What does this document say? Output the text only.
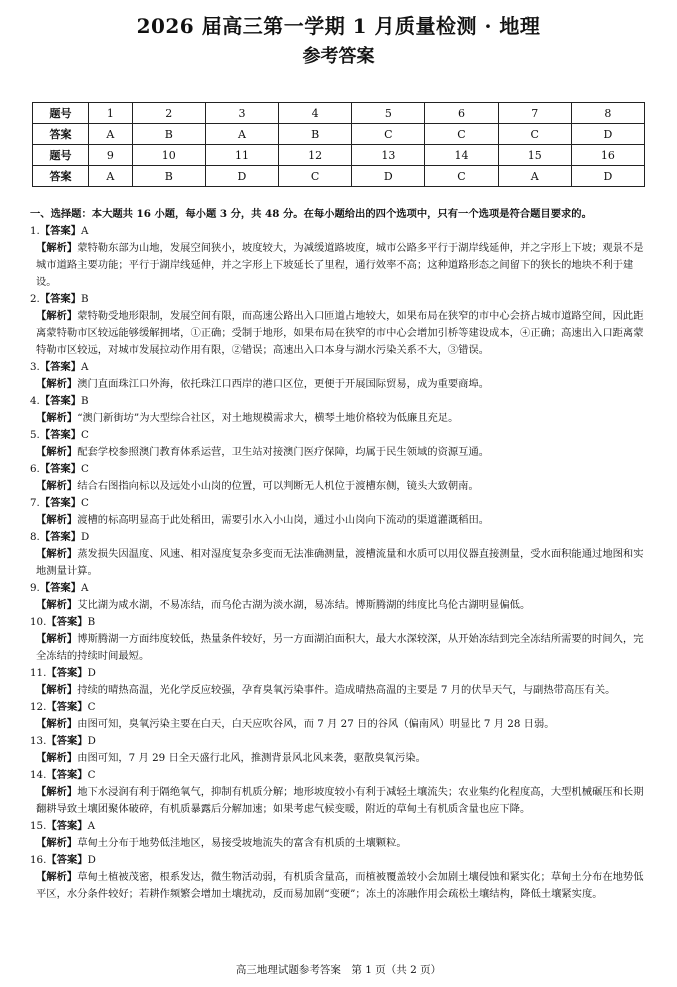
2026 届高三第一学期 1 月质量检测 · 地理
参考答案
题号	1	2	3	4	5	6	7	8
答案	A	B	A	B	C	C	C	D
题号	9	10	11	12	13	14	15	16
答案	A	B	D	C	D	C	A	D

一、选择题：本大题共 16 小题，每小题 3 分，共 48 分。在每小题给出的四个选项中，只有一个选项是符合题目要求的。

1.【答案】A

【解析】蒙特勒东部为山地，发展空间狭小，坡度较大，为减缓道路坡度，城市公路多平行于湖岸线延伸，并之字形上下坡；观景不是城市道路主要功能；平行于湖岸线延伸，并之字形上下坡延长了里程，通行效率不高；这种道路形态之间留下的狭长的地块不利于建设。

2.【答案】B

【解析】蒙特勒受地形限制，发展空间有限，而高速公路出入口匝道占地较大，如果布局在狭窄的市中心会挤占城市道路空间，因此距离蒙特勒市区较远能够缓解拥堵，①正确；受制于地形，如果布局在狭窄的市中心会增加引桥等建设成本，④正确；高速出入口距离蒙特勒市区较远，对城市发展拉动作用有限，②错误；高速出入口本身与湖水污染关系不大，③错误。

3.【答案】A

【解析】澳门直面珠江口外海，依托珠江口西岸的港口区位，更便于开展国际贸易，成为重要商埠。

4.【答案】B

【解析】“澳门新街坊”为大型综合社区，对土地规模需求大，横琴土地价格较为低廉且充足。

5.【答案】C

【解析】配套学校参照澳门教育体系运营，卫生站对接澳门医疗保障，均属于民生领域的资源互通。

6.【答案】C

【解析】结合右图指向标以及远处小山岗的位置，可以判断无人机位于渡槽东侧，镜头大致朝南。

7.【答案】C

【解析】渡槽的标高明显高于此处稻田，需要引水入小山岗，通过小山岗向下流动的渠道灌溉稻田。

8.【答案】D

【解析】蒸发损失因温度、风速、相对湿度复杂多变而无法准确测量，渡槽流量和水质可以用仪器直接测量，受水面积能通过地图和实地测量计算。

9.【答案】A

【解析】艾比湖为咸水湖，不易冻结，而乌伦古湖为淡水湖，易冻结。博斯腾湖的纬度比乌伦古湖明显偏低。

10.【答案】B

【解析】博斯腾湖一方面纬度较低，热量条件较好，另一方面湖泊面积大，最大水深较深，从开始冻结到完全冻结所需要的时间久，完全冻结的持续时间最短。

11.【答案】D

【解析】持续的晴热高温，光化学反应较强，孕育臭氧污染事件。造成晴热高温的主要是 7 月的伏旱天气，与副热带高压有关。

12.【答案】C

【解析】由图可知，臭氧污染主要在白天，白天应吹谷风，而 7 月 27 日的谷风（偏南风）明显比 7 月 28 日弱。

13.【答案】D

【解析】由图可知，7 月 29 日全天盛行北风，推测背景风北风来袭，驱散臭氧污染。

14.【答案】C

【解析】地下水浸润有利于隔绝氧气，抑制有机质分解；地形坡度较小有利于减轻土壤流失；农业集约化程度高，大型机械碾压和长期翻耕导致土壤团聚体破碎，有机质暴露后分解加速；如果考虑气候变暖，附近的草甸土有机质含量也应下降。

15.【答案】A

【解析】草甸土分布于地势低洼地区，易接受坡地流失的富含有机质的土壤颗粒。

16.【答案】D

【解析】草甸土植被茂密，根系发达，微生物活动弱，有机质含量高，而植被覆盖较小会加剧土壤侵蚀和紧实化；草甸土分布在地势低平区，水分条件较好；若耕作频繁会增加土壤扰动，反而易加剧“变硬”；冻土的冻融作用会疏松土壤结构，降低土壤紧实度。

高三地理试题参考答案　第 1 页（共 2 页）
